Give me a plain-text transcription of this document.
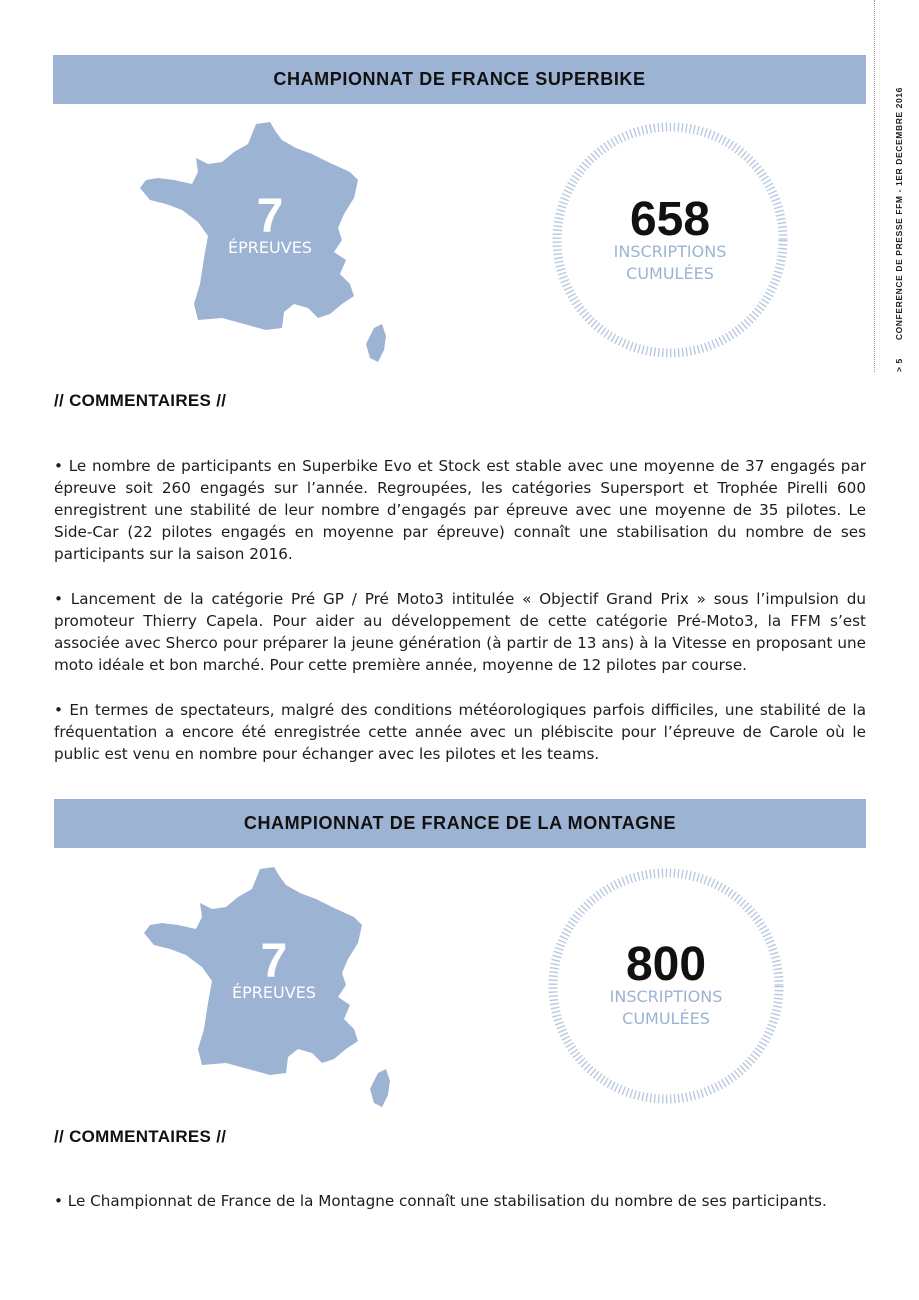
> 5CONFERENCE DE PRESSE FFM - 1ER DECEMBRE 2016
CHAMPIONNAT DE FRANCE SUPERBIKE
7
ÉPREUVES
658
INSCRIPTIONS
CUMULÉES
// COMMENTAIRES //

• Le nombre de participants en Superbike Evo et Stock est stable avec une moyenne de 37 engagés par épreuve soit 260 engagés sur l’année. Regroupées, les catégories Supersport et Trophée Pirelli 600 enregistrent une stabilité de leur nombre d’engagés par épreuve avec une moyenne de 35 pilotes. Le Side-Car (22 pilotes engagés en moyenne par épreuve) connaît une stabilisation du nombre de ses participants sur la saison 2016.

• Lancement de la catégorie Pré GP / Pré Moto3 intitulée « Objectif Grand Prix » sous l’impulsion du promoteur Thierry Capela. Pour aider au développement de cette catégorie Pré-Moto3, la FFM s’est associée avec Sherco pour préparer la jeune génération (à partir de 13 ans) à la Vitesse en proposant une moto idéale et bon marché. Pour cette première année, moyenne de 12 pilotes par course.

• En termes de spectateurs, malgré des conditions météorologiques parfois difficiles, une stabilité de la fréquentation a encore été enregistrée cette année avec un plébiscite pour l’épreuve de Carole où le public est venu en nombre pour échanger avec les pilotes et les teams.

CHAMPIONNAT DE FRANCE DE LA MONTAGNE
7
ÉPREUVES
800
INSCRIPTIONS
CUMULÉES
// COMMENTAIRES //

• Le Championnat de France de la Montagne connaît une stabilisation du nombre de ses participants.
